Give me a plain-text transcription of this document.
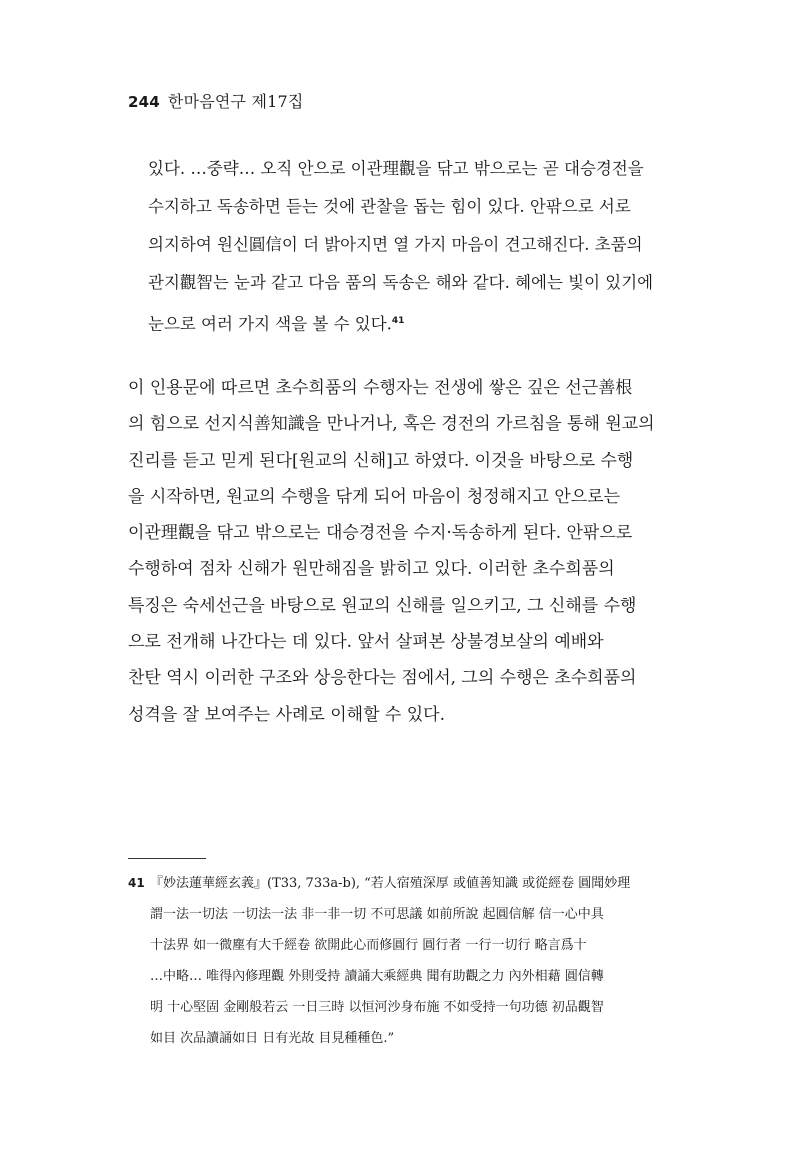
244 한마음연구 제17집
있다. …중략… 오직 안으로 이관理觀을 닦고 밖으로는 곧 대승경전을
수지하고 독송하면 듣는 것에 관찰을 돕는 힘이 있다. 안팎으로 서로
의지하여 원신圓信이 더 밝아지면 열 가지 마음이 견고해진다. 초품의
관지觀智는 눈과 같고 다음 품의 독송은 해와 같다. 혜에는 빛이 있기에
눈으로 여러 가지 색을 볼 수 있다.$^{41}$
이 인용문에 따르면 초수희품의 수행자는 전생에 쌓은 깊은 선근善根
의 힘으로 선지식善知識을 만나거나, 혹은 경전의 가르침을 통해 원교의
진리를 듣고 믿게 된다[원교의 신해]고 하였다. 이것을 바탕으로 수행
을 시작하면, 원교의 수행을 닦게 되어 마음이 청정해지고 안으로는
이관理觀을 닦고 밖으로는 대승경전을 수지·독송하게 된다. 안팎으로
수행하여 점차 신해가 원만해짐을 밝히고 있다. 이러한 초수희품의
특징은 숙세선근을 바탕으로 원교의 신해를 일으키고, 그 신해를 수행
으로 전개해 나간다는 데 있다. 앞서 살펴본 상불경보살의 예배와
찬탄 역시 이러한 구조와 상응한다는 점에서, 그의 수행은 초수희품의
성격을 잘 보여주는 사례로 이해할 수 있다.
41 『妙法蓮華經玄義』(T33, 733a-b), “若人宿殖深厚 或値善知識 或從經卷 圓聞妙理
謂一法一切法 一切法一法 非一非一切 不可思議 如前所說 起圓信解 信一心中具
十法界 如一微塵有大千經卷 欲開此心而修圓行 圓行者 一行一切行 略言爲十
…中略… 唯得內修理觀 外則受持 讀誦大乘經典 聞有助觀之力 內外相藉 圓信轉
明 十心堅固 金剛般若云 一日三時 以恒河沙身布施 不如受持一句功德 初品觀智
如目 次品讀誦如日 日有光故 目見種種色.”
